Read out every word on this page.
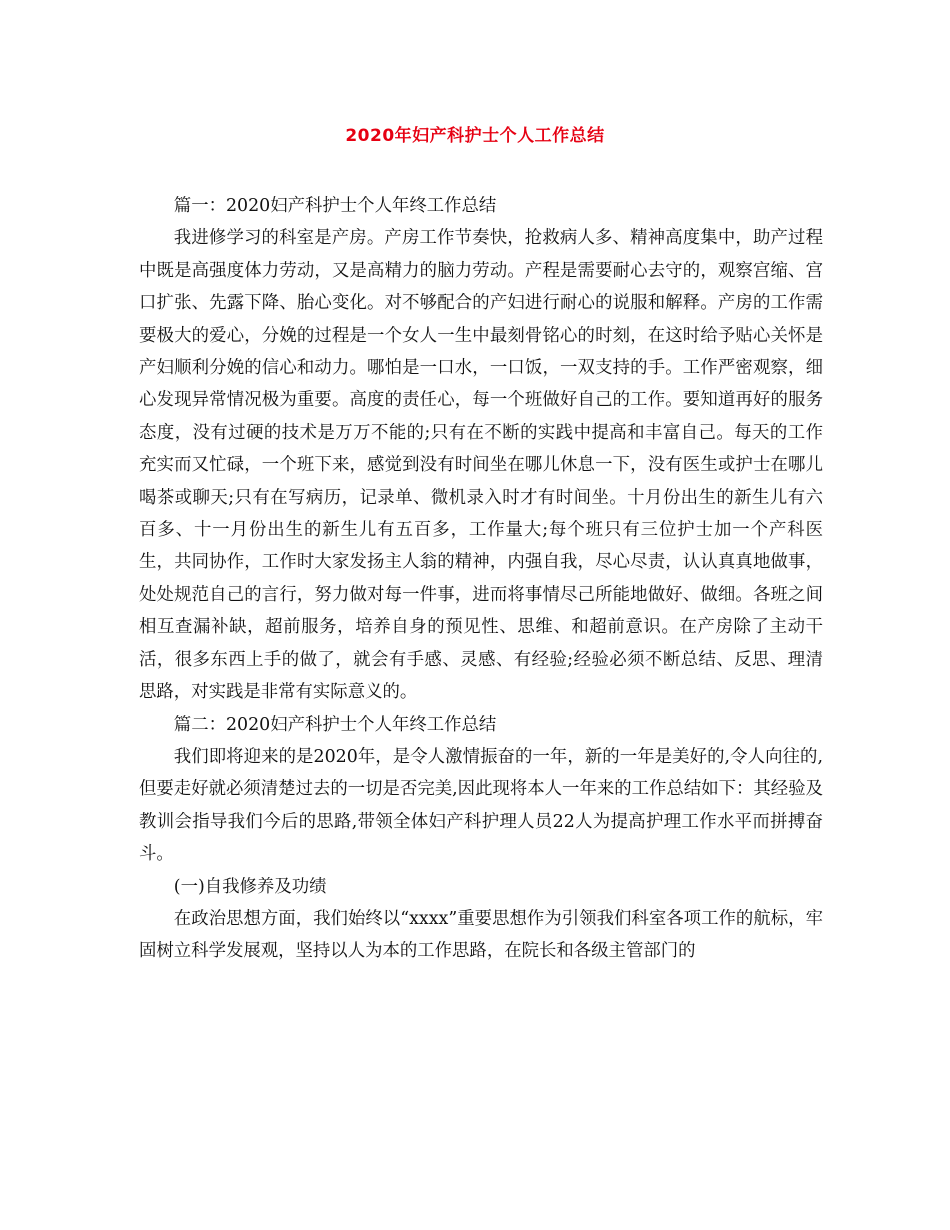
2020年妇产科护士个人工作总结

篇一：2020妇产科护士个人年终工作总结

我进修学习的科室是产房。产房工作节奏快，抢救病人多、精神高度集中，助产过程中既是高强度体力劳动，又是高精力的脑力劳动。产程是需要耐心去守的，观察宫缩、宫口扩张、先露下降、胎心变化。对不够配合的产妇进行耐心的说服和解释。产房的工作需要极大的爱心，分娩的过程是一个女人一生中最刻骨铭心的时刻，在这时给予贴心关怀是产妇顺利分娩的信心和动力。哪怕是一口水，一口饭，一双支持的手。工作严密观察，细心发现异常情况极为重要。高度的责任心，每一个班做好自己的工作。要知道再好的服务态度，没有过硬的技术是万万不能的;只有在不断的实践中提高和丰富自己。每天的工作充实而又忙碌，一个班下来，感觉到没有时间坐在哪儿休息一下，没有医生或护士在哪儿喝茶或聊天;只有在写病历，记录单、微机录入时才有时间坐。十月份出生的新生儿有六百多、十一月份出生的新生儿有五百多，工作量大;每个班只有三位护士加一个产科医生，共同协作，工作时大家发扬主人翁的精神，内强自我，尽心尽责，认认真真地做事，处处规范自己的言行，努力做对每一件事，进而将事情尽己所能地做好、做细。各班之间相互查漏补缺，超前服务，培养自身的预见性、思维、和超前意识。在产房除了主动干活，很多东西上手的做了，就会有手感、灵感、有经验;经验必须不断总结、反思、理清思路，对实践是非常有实际意义的。

篇二：2020妇产科护士个人年终工作总结

我们即将迎来的是2020年，是令人激情振奋的一年，新的一年是美好的,令人向往的,但要走好就必须清楚过去的一切是否完美,因此现将本人一年来的工作总结如下：其经验及教训会指导我们今后的思路,带领全体妇产科护理人员22人为提高护理工作水平而拼搏奋斗。

(一)自我修养及功绩

在政治思想方面，我们始终以“xxxx”重要思想作为引领我们科室各项工作的航标，牢固树立科学发展观，坚持以人为本的工作思路，在院长和各级主管部门的
